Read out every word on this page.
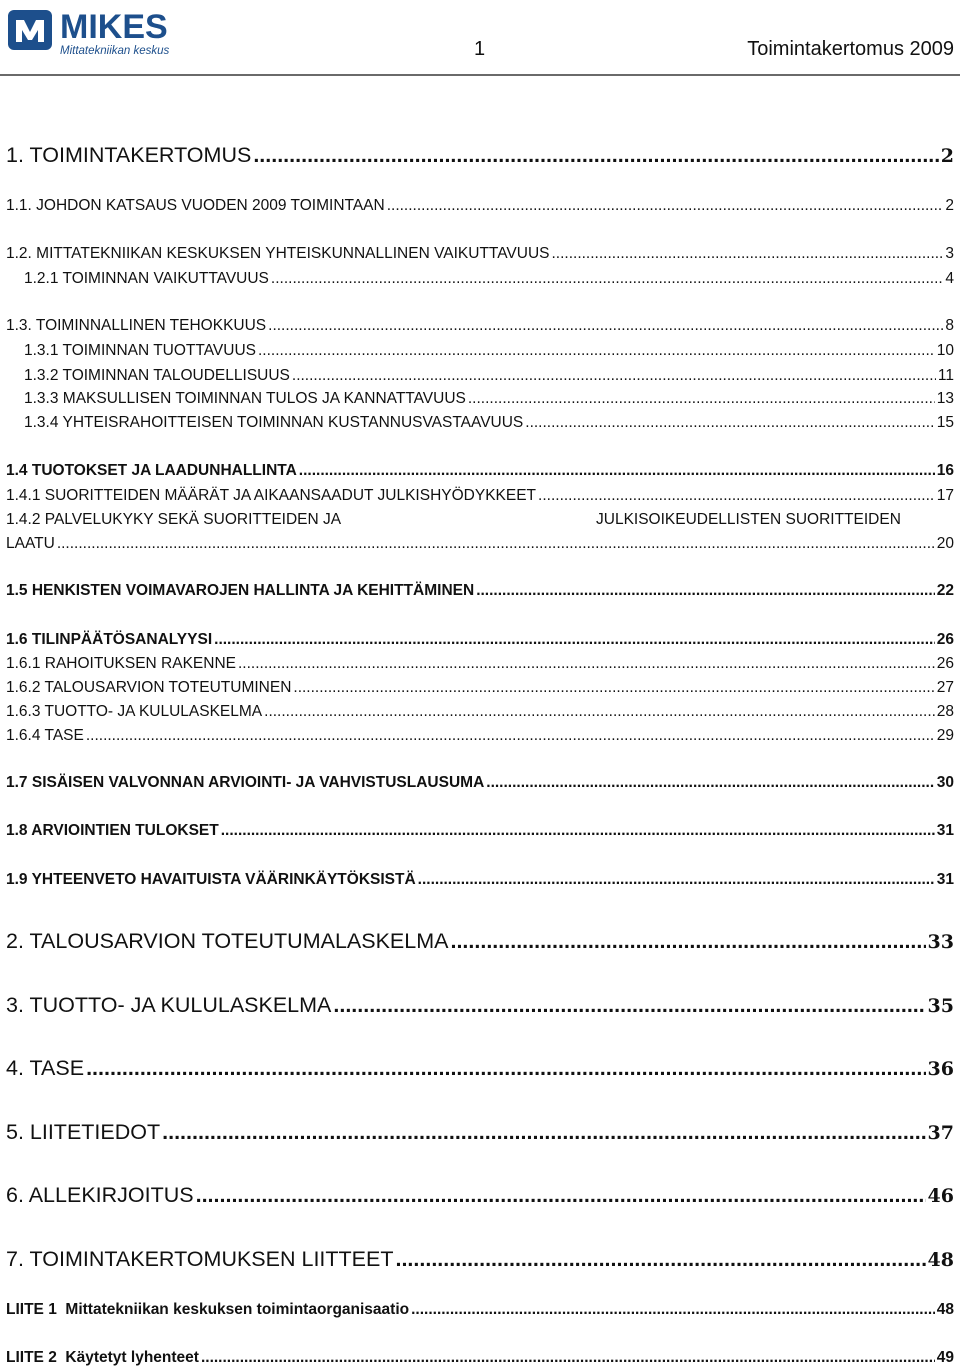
MIKES
Mittatekniikan keskus	1	Toimintakertomus 2009
1. TOIMINTAKERTOMUS .....	2
1.1. JOHDON KATSAUS VUODEN 2009 TOIMINTAAN .....	2
1.2. MITTATEKNIIKAN KESKUKSEN YHTEISKUNNALLINEN VAIKUTTAVUUS .....	3
1.2.1 TOIMINNAN VAIKUTTAVUUS .....	4
1.3. TOIMINNALLINEN TEHOKKUUS .....	8
1.3.1 TOIMINNAN TUOTTAVUUS .....	10
1.3.2 TOIMINNAN TALOUDELLISUUS .....	11
1.3.3 MAKSULLISEN TOIMINNAN TULOS JA KANNATTAVUUS .....	13
1.3.4 YHTEISRAHOITTEISEN TOIMINNAN KUSTANNUSVASTAAVUUS .....	15
1.4 TUOTOKSET JA LAADUNHALLINTA .....	16
1.4.1 SUORITTEIDEN MÄÄRÄT JA AIKAANSAADUT JULKISHYÖDYKKEET .....	17
1.4.2 PALVELUKYKY SEKÄ SUORITTEIDEN JA	JULKISOIKEUDELLISTEN SUORITTEIDEN
LAATU .....	20
1.5 HENKISTEN VOIMAVAROJEN HALLINTA JA KEHITTÄMINEN .....	22
1.6 TILINPÄÄTÖSANALYYSI .....	26
1.6.1 RAHOITUKSEN RAKENNE .....	26
1.6.2 TALOUSARVION TOTEUTUMINEN .....	27
1.6.3 TUOTTO- JA KULULASKELMA .....	28
1.6.4 TASE .....	29
1.7 SISÄISEN VALVONNAN ARVIOINTI- JA VAHVISTUSLAUSUMA .....	30
1.8 ARVIOINTIEN TULOKSET .....	31
1.9 YHTEENVETO HAVAITUISTA VÄÄRINKÄYTÖKSISTÄ .....	31
2. TALOUSARVION TOTEUTUMALASKELMA .....	33
3. TUOTTO- JA KULULASKELMA .....	35
4. TASE .....	36
5. LIITETIEDOT .....	37
6. ALLEKIRJOITUS .....	46
7. TOIMINTAKERTOMUKSEN LIITTEET .....	48
LIITE 1  Mittatekniikan keskuksen toimintaorganisaatio .....	48
LIITE 2  Käytetyt lyhenteet .....	49
